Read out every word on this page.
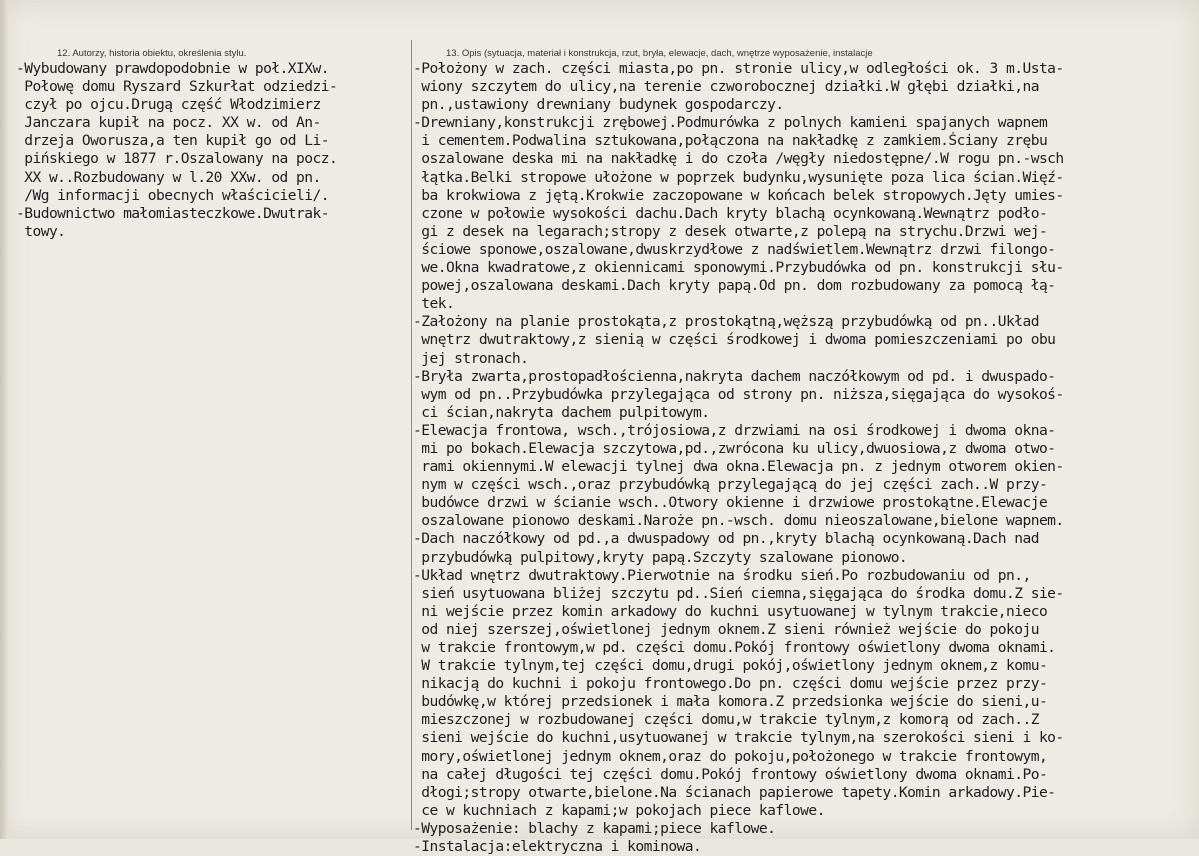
12. Autorzy, historia obiektu, określenia stylu.	13. Opis (sytuacja, materiał i konstrukcja, rzut, bryła, elewacje, dach, wnętrze wyposażenie, instalacje
-Wybudowany prawdopodobnie w poł.XIXw.
Połowę domu Ryszard Szkurłat odziedzi-
czył po ojcu.Drugą część Włodzimierz
Janczara kupił na pocz. XX w. od An-
drzeja Oworusza,a ten kupił go od Li-
pińskiego w 1877 r.Oszalowany na pocz.
XX w..Rozbudowany w l.20 XXw. od pn.
/Wg informacji obecnych właścicieli/.
-Budownictwo małomiasteczkowe.Dwutrak-
towy.
-Położony w zach. części miasta,po pn. stronie ulicy,w odległości ok. 3 m.Usta-
wiony szczytem do ulicy,na terenie czworobocznej działki.W głębi działki,na
pn.,ustawiony drewniany budynek gospodarczy.
-Drewniany,konstrukcji zrębowej.Podmurówka z polnych kamieni spajanych wapnem
i cementem.Podwalina sztukowana,połączona na nakładkę z zamkiem.Ściany zrębu
oszalowane deska mi na nakładkę i do czoła /węgły niedostępne/.W rogu pn.-wsch
łątka.Belki stropowe ułożone w poprzek budynku,wysunięte poza lica ścian.Więź-
ba krokwiowa z jętą.Krokwie zaczopowane w końcach belek stropowych.Jęty umies-
czone w połowie wysokości dachu.Dach kryty blachą ocynkowaną.Wewnątrz podło-
gi z desek na legarach;stropy z desek otwarte,z polepą na strychu.Drzwi wej-
ściowe sponowe,oszalowane,dwuskrzydłowe z nadświetlem.Wewnątrz drzwi filongo-
we.Okna kwadratowe,z okiennicami sponowymi.Przybudówka od pn. konstrukcji słu-
powej,oszalowana deskami.Dach kryty papą.Od pn. dom rozbudowany za pomocą łą-
tek.
-Założony na planie prostokąta,z prostokątną,węższą przybudówką od pn..Układ
wnętrz dwutraktowy,z sienią w części środkowej i dwoma pomieszczeniami po obu
jej stronach.
-Bryła zwarta,prostopadłościenna,nakryta dachem naczółkowym od pd. i dwuspado-
wym od pn..Przybudówka przylegająca od strony pn. niższa,sięgająca do wysokoś-
ci ścian,nakryta dachem pulpitowym.
-Elewacja frontowa, wsch.,trójosiowa,z drzwiami na osi środkowej i dwoma okna-
mi po bokach.Elewacja szczytowa,pd.,zwrócona ku ulicy,dwuosiowa,z dwoma otwo-
rami okiennymi.W elewacji tylnej dwa okna.Elewacja pn. z jednym otworem okien-
nym w części wsch.,oraz przybudówką przylegającą do jej części zach..W przy-
budówce drzwi w ścianie wsch..Otwory okienne i drzwiowe prostokątne.Elewacje
oszalowane pionowo deskami.Naroże pn.-wsch. domu nieoszalowane,bielone wapnem.
-Dach naczółkowy od pd.,a dwuspadowy od pn.,kryty blachą ocynkowaną.Dach nad
przybudówką pulpitowy,kryty papą.Szczyty szalowane pionowo.
-Układ wnętrz dwutraktowy.Pierwotnie na środku sień.Po rozbudowaniu od pn.,
sień usytuowana bliżej szczytu pd..Sień ciemna,sięgająca do środka domu.Z sie-
ni wejście przez komin arkadowy do kuchni usytuowanej w tylnym trakcie,nieco
od niej szerszej,oświetlonej jednym oknem.Z sieni również wejście do pokoju
w trakcie frontowym,w pd. części domu.Pokój frontowy oświetlony dwoma oknami.
W trakcie tylnym,tej części domu,drugi pokój,oświetlony jednym oknem,z komu-
nikacją do kuchni i pokoju frontowego.Do pn. części domu wejście przez przy-
budówkę,w której przedsionek i mała komora.Z przedsionka wejście do sieni,u-
mieszczonej w rozbudowanej części domu,w trakcie tylnym,z komorą od zach..Z
sieni wejście do kuchni,usytuowanej w trakcie tylnym,na szerokości sieni i ko-
mory,oświetlonej jednym oknem,oraz do pokoju,położonego w trakcie frontowym,
na całej długości tej części domu.Pokój frontowy oświetlony dwoma oknami.Po-
dłogi;stropy otwarte,bielone.Na ścianach papierowe tapety.Komin arkadowy.Pie-
ce w kuchniach z kapami;w pokojach piece kaflowe.
-Wyposażenie: blachy z kapami;piece kaflowe.
-Instalacja:elektryczna i kominowa.
